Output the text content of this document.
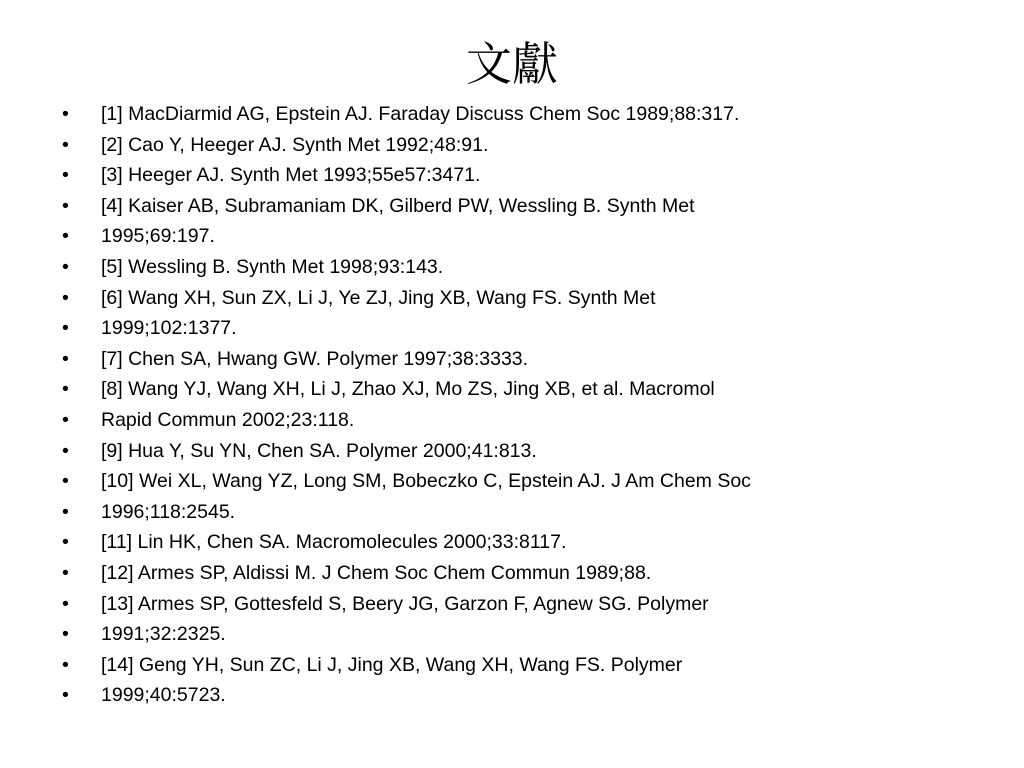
文獻
• [1] MacDiarmid AG, Epstein AJ. Faraday Discuss Chem Soc 1989;88:317.
• [2] Cao Y, Heeger AJ. Synth Met 1992;48:91.
• [3] Heeger AJ. Synth Met 1993;55e57:3471.
• [4] Kaiser AB, Subramaniam DK, Gilberd PW, Wessling B. Synth Met
• 1995;69:197.
• [5] Wessling B. Synth Met 1998;93:143.
• [6] Wang XH, Sun ZX, Li J, Ye ZJ, Jing XB, Wang FS. Synth Met
• 1999;102:1377.
• [7] Chen SA, Hwang GW. Polymer 1997;38:3333.
• [8] Wang YJ, Wang XH, Li J, Zhao XJ, Mo ZS, Jing XB, et al. Macromol
• Rapid Commun 2002;23:118.
• [9] Hua Y, Su YN, Chen SA. Polymer 2000;41:813.
• [10] Wei XL, Wang YZ, Long SM, Bobeczko C, Epstein AJ. J Am Chem Soc
• 1996;118:2545.
• [11] Lin HK, Chen SA. Macromolecules 2000;33:8117.
• [12] Armes SP, Aldissi M. J Chem Soc Chem Commun 1989;88.
• [13] Armes SP, Gottesfeld S, Beery JG, Garzon F, Agnew SG. Polymer
• 1991;32:2325.
• [14] Geng YH, Sun ZC, Li J, Jing XB, Wang XH, Wang FS. Polymer
• 1999;40:5723.
